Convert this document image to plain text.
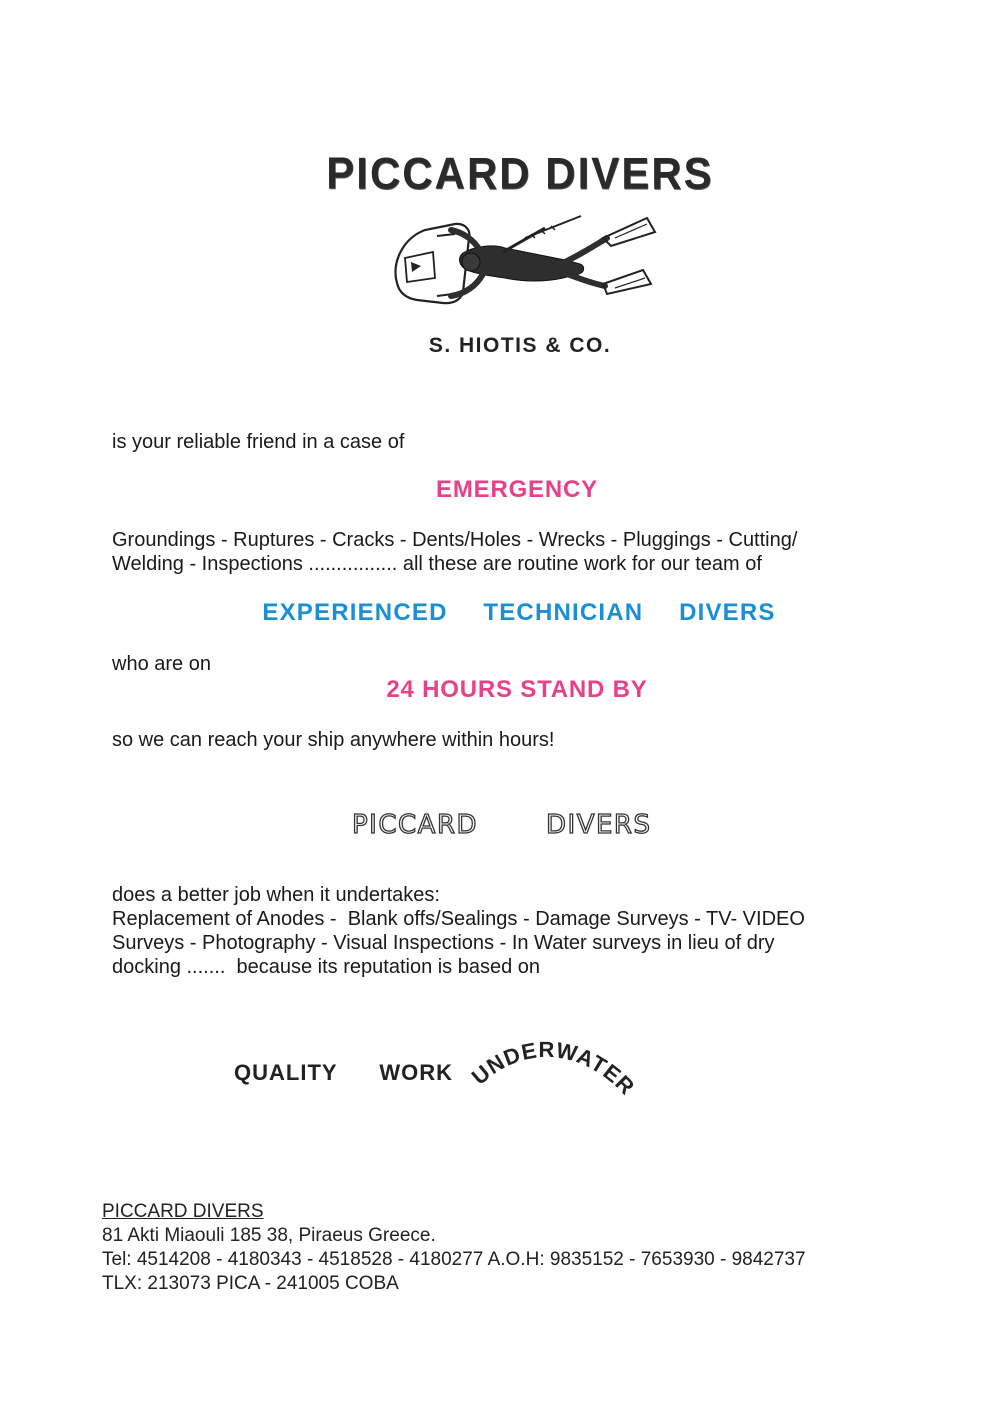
PICCARD DIVERS
S. HIOTIS & CO.
is your reliable friend in a case of
EMERGENCY
Groundings - Ruptures - Cracks - Dents/Holes - Wrecks - Pluggings - Cutting/
Welding - Inspections ................ all these are routine work for our team of
EXPERIENCED  TECHNICIAN  DIVERS
who are on
24 HOURS STAND BY
so we can reach your ship anywhere within hours!
PICCARD	DIVERS
does a better job when it undertakes:
Replacement of Anodes -  Blank offs/Sealings - Damage Surveys - TV- VIDEO
Surveys - Photography - Visual Inspections - In Water surveys in lieu of dry
docking .......  because its reputation is based on
QUALITY  WORK UNDERWATER
PICCARD DIVERS
81 Akti Miaouli 185 38, Piraeus Greece.
Tel: 4514208 - 4180343 - 4518528 - 4180277 A.O.H: 9835152 - 7653930 - 9842737
TLX: 213073 PICA - 241005 COBA
